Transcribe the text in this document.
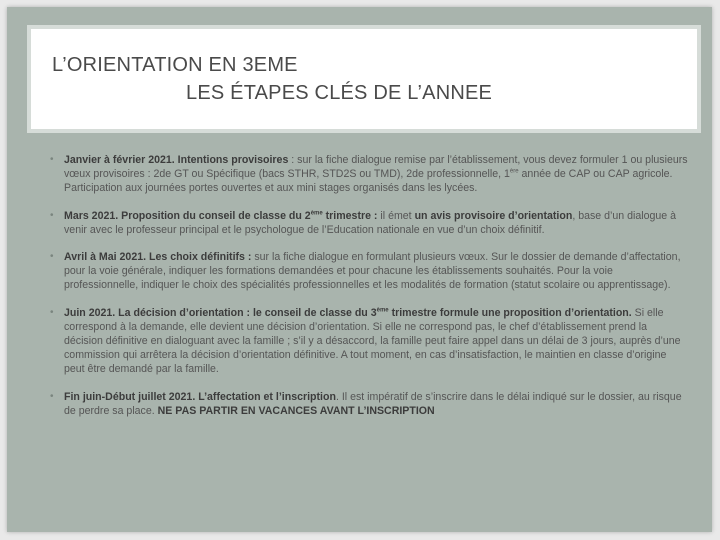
L’ORIENTATION EN 3EME
LES ÉTAPES CLÉS DE L’ANNEE
• Janvier à février 2021. Intentions provisoires : sur la fiche dialogue remise par l’établissement, vous devez formuler 1 ou plusieurs vœux provisoires : 2de GT ou Spécifique (bacs STHR, STD2S ou TMD), 2de professionnelle, 1ère année de CAP ou CAP agricole. Participation aux journées portes ouvertes et aux mini stages organisés dans les lycées.
• Mars 2021. Proposition du conseil de classe du 2ème trimestre : il émet un avis provisoire d’orientation, base d’un dialogue à venir avec le professeur principal et le psychologue de l’Education nationale en vue d’un choix définitif.
• Avril à Mai 2021. Les choix définitifs : sur la fiche dialogue en formulant plusieurs vœux. Sur le dossier de demande d’affectation, pour la voie générale, indiquer les formations demandées et pour chacune les établissements souhaités. Pour la voie professionnelle, indiquer le choix des spécialités professionnelles et les modalités de formation (statut scolaire ou apprentissage).
• Juin 2021. La décision d’orientation : le conseil de classe du 3ème trimestre formule une proposition d’orientation. Si elle correspond à la demande, elle devient une décision d’orientation. Si elle ne correspond pas, le chef d’établissement prend la décision définitive en dialoguant avec la famille ; s’il y a désaccord, la famille peut faire appel dans un délai de 3 jours, auprès d’une commission qui arrêtera la décision d’orientation définitive. A tout moment, en cas d’insatisfaction, le maintien en classe d’origine peut être demandé par la famille.
• Fin juin-Début juillet 2021. L’affectation et l’inscription. Il est impératif de s’inscrire dans le délai indiqué sur le dossier, au risque de perdre sa place. NE PAS PARTIR EN VACANCES AVANT L’INSCRIPTION
